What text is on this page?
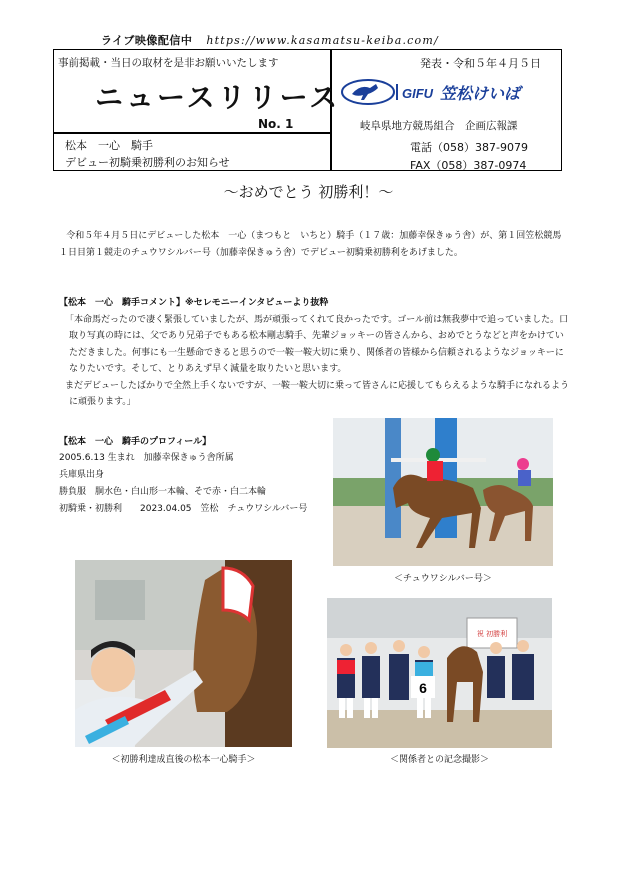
ライブ映像配信中 https://www.kasamatsu-keiba.com/
事前掲載・当日の取材を是非お願いいたします
ニュースリリース
No. 1
松本　一心　騎手
デビュー初騎乗初勝利のお知らせ
発表・令和５年４月５日
GIFU 笠松けいば
岐阜県地方競馬組合　企画広報課
電話（058）387-9079
FAX（058）387-0974
～おめでとう 初勝利！～
令和５年４月５日にデビューした松本　一心（まつもと　いちと）騎手（１７歳：加藤幸保きゅう舎）が、第１回笠松競馬１日目第１競走のチュウワシルバー号（加藤幸保きゅう舎）でデビュー初騎乗初勝利をあげました。
【松本　一心　騎手コメント】※セレモニーインタビューより抜粋

「本命馬だったので凄く緊張していましたが、馬が頑張ってくれて良かったです。ゴール前は無我夢中で追っていました。口取り写真の時には、父であり兄弟子でもある松本剛志騎手、先輩ジョッキーの皆さんから、おめでとうなどと声をかけていただきました。何事にも一生懸命できると思うので一鞍一鞍大切に乗り、関係者の皆様から信頼されるようなジョッキーになりたいです。そして、とりあえず早く減量を取りたいと思います。

まだデビューしたばかりで全然上手くないですが、一鞍一鞍大切に乗って皆さんに応援してもらえるような騎手になれるように頑張ります。」

【松本　一心　騎手のプロフィール】
2005.6.13 生まれ　加藤幸保きゅう舎所属
兵庫県出身
勝負服　胴水色・白山形一本輪、そで赤・白二本輪
初騎乗・初勝利　　2023.04.05　笠松　チュウワシルバー号
＜チュウワシルバー号＞
＜初勝利達成直後の松本一心騎手＞
祝 初勝利
6
＜関係者との記念撮影＞
